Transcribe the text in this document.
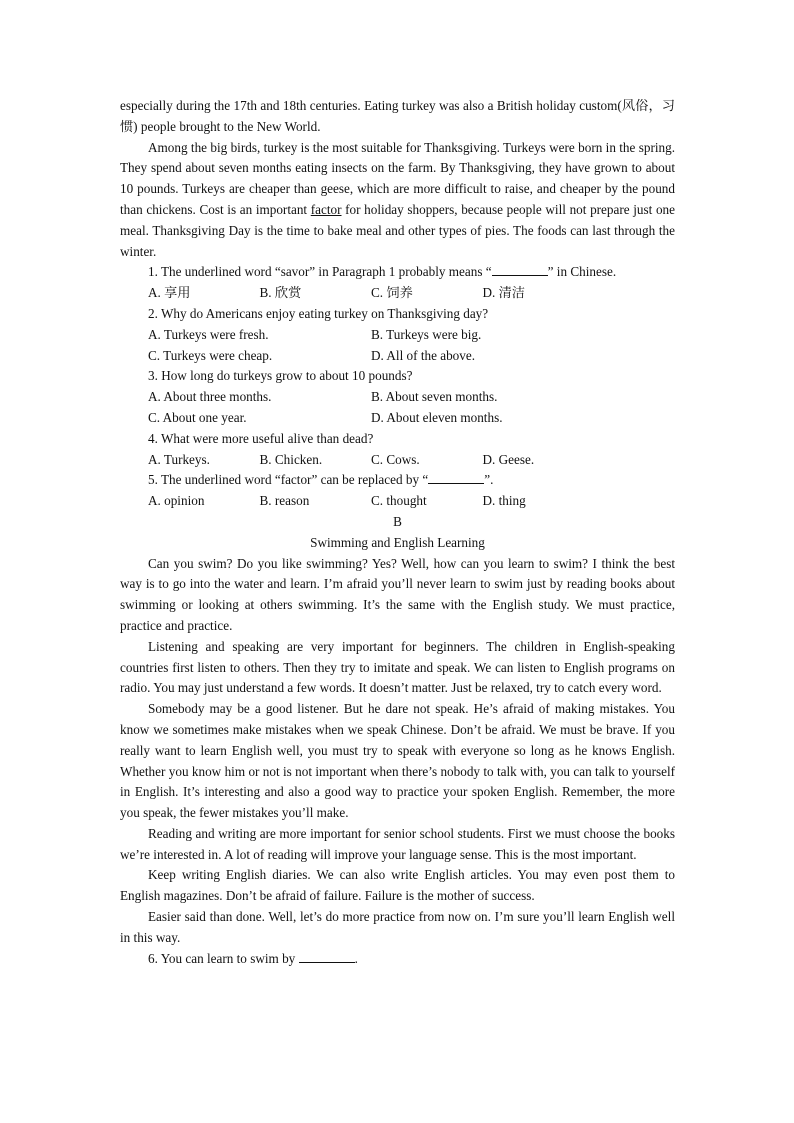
especially during the 17th and 18th centuries. Eating turkey was also a British holiday custom(风俗，习惯) people brought to the New World.

Among the big birds, turkey is the most suitable for Thanksgiving. Turkeys were born in the spring. They spend about seven months eating insects on the farm. By Thanksgiving, they have grown to about 10 pounds. Turkeys are cheaper than geese, which are more difficult to raise, and cheaper by the pound than chickens. Cost is an important factor for holiday shoppers, because people will not prepare just one meal. Thanksgiving Day is the time to bake meal and other types of pies. The foods can last through the winter.

1. The underlined word “savor” in Paragraph 1 probably means “	” in Chinese.

A. 享用	B. 欣赏	C. 饲养	D. 清洁

2. Why do Americans enjoy eating turkey on Thanksgiving day?

A. Turkeys were fresh.	B. Turkeys were big.
C. Turkeys were cheap.	D. All of the above.

3. How long do turkeys grow to about 10 pounds?

A. About three months.	B. About seven months.
C. About one year.	D. About eleven months.

4. What were more useful alive than dead?

A. Turkeys.	B. Chicken.	C. Cows.	D. Geese.

5. The underlined word “factor” can be replaced by “	”.

A. opinion	B. reason	C. thought	D. thing

B

Swimming and English Learning

Can you swim? Do you like swimming? Yes? Well, how can you learn to swim? I think the best way is to go into the water and learn. I’m afraid you’ll never learn to swim just by reading books about swimming or looking at others swimming. It’s the same with the English study. We must practice, practice and practice.

Listening and speaking are very important for beginners. The children in English-speaking countries first listen to others. Then they try to imitate and speak. We can listen to English programs on radio. You may just understand a few words. It doesn’t matter. Just be relaxed, try to catch every word.

Somebody may be a good listener. But he dare not speak. He’s afraid of making mistakes. You know we sometimes make mistakes when we speak Chinese. Don’t be afraid. We must be brave. If you really want to learn English well, you must try to speak with everyone so long as he knows English. Whether you know him or not is not important when there’s nobody to talk with, you can talk to yourself in English. It’s interesting and also a good way to practice your spoken English. Remember, the more you speak, the fewer mistakes you’ll make.

Reading and writing are more important for senior school students. First we must choose the books we’re interested in. A lot of reading will improve your language sense. This is the most important.

Keep writing English diaries. We can also write English articles. You may even post them to English magazines. Don’t be afraid of failure. Failure is the mother of success.

Easier said than done. Well, let’s do more practice from now on. I’m sure you’ll learn English well in this way.

6. You can learn to swim by	.
